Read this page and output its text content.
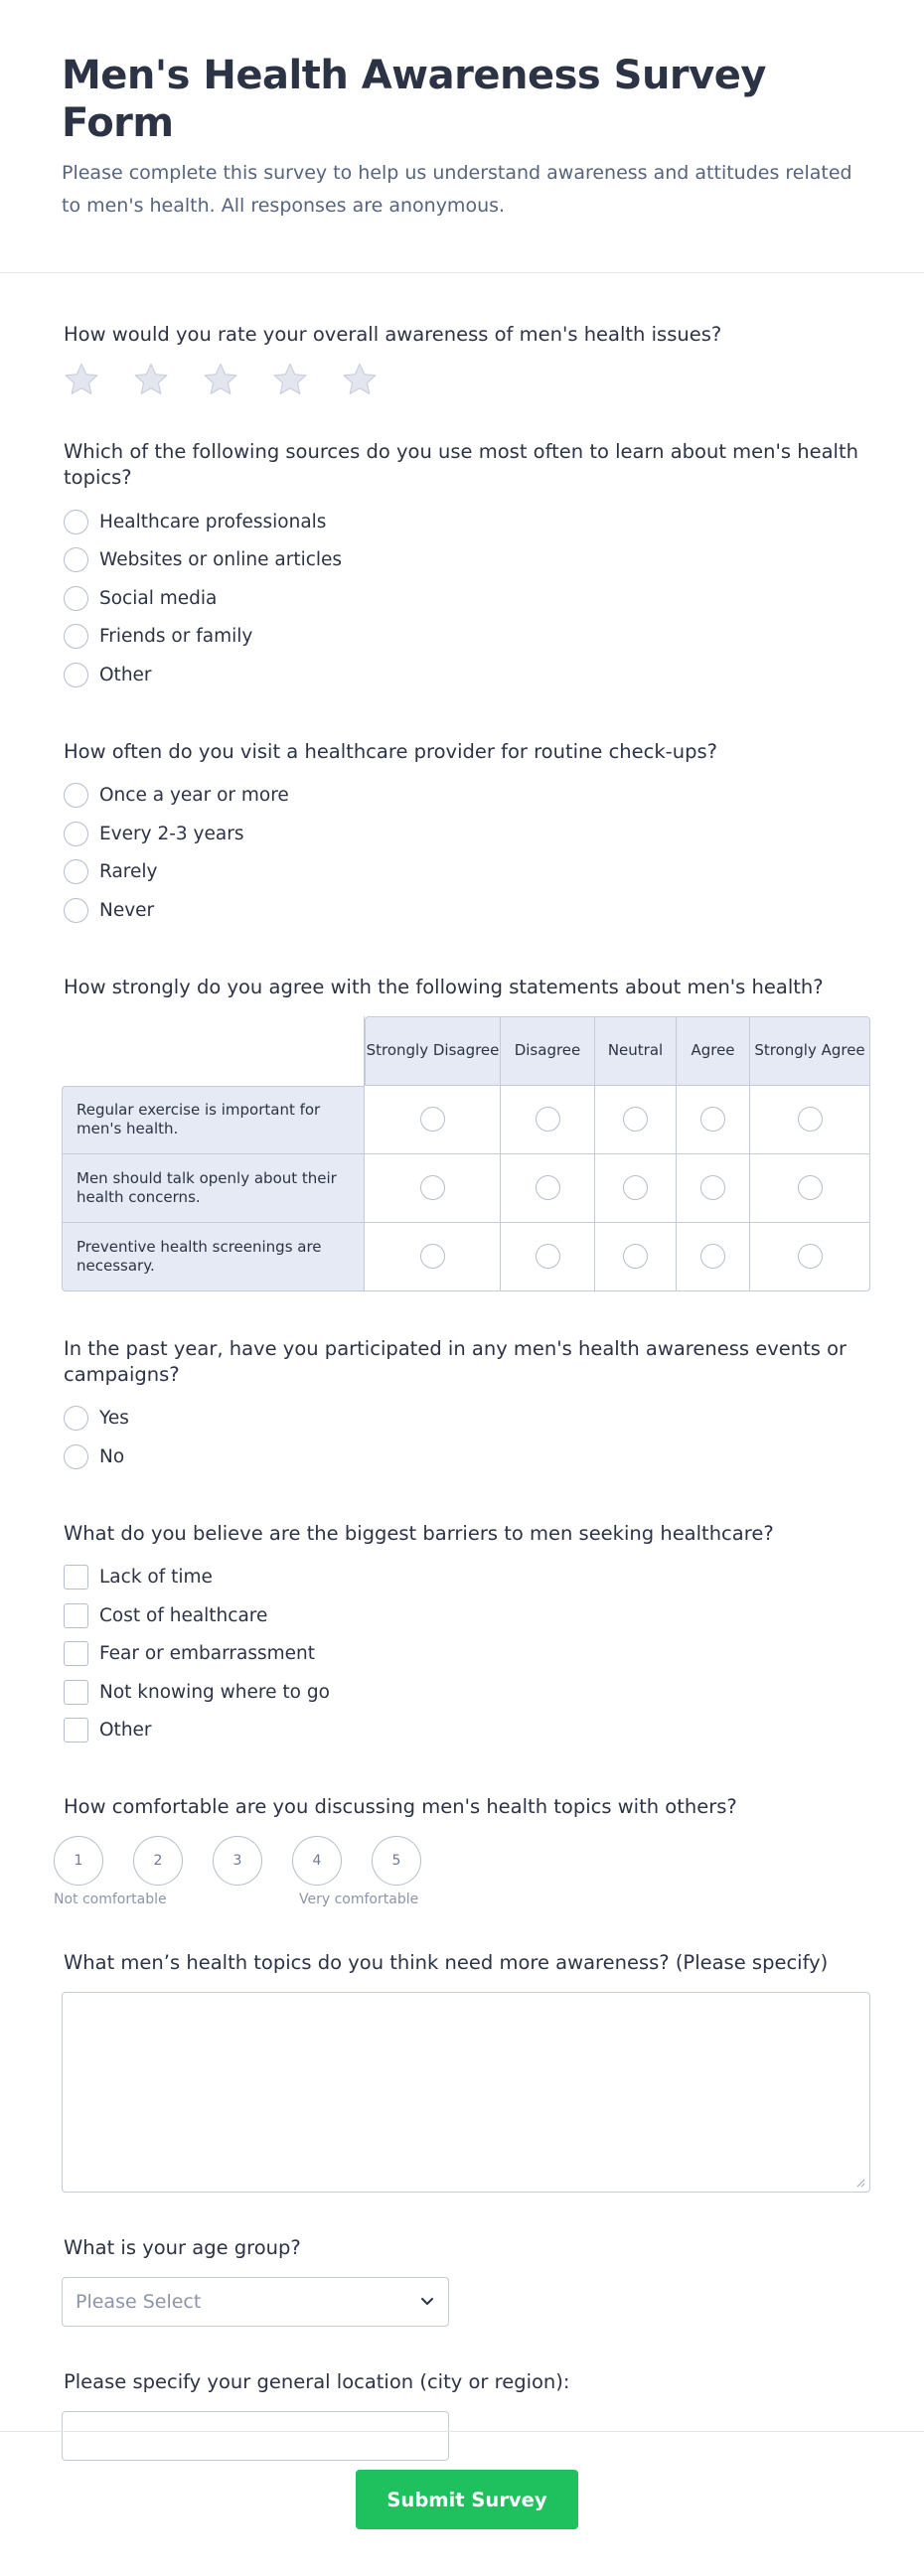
Men's Health Awareness Survey Form

Please complete this survey to help us understand awareness and attitudes related to men's health. All responses are anonymous.

How would you rate your overall awareness of men's health issues?
Which of the following sources do you use most often to learn about men's health topics?
Healthcare professionals
Websites or online articles
Social media
Friends or family
Other
How often do you visit a healthcare provider for routine check-ups?
Once a year or more
Every 2-3 years
Rarely
Never
How strongly do you agree with the following statements about men's health?
	Strongly Disagree	Disagree	Neutral	Agree	Strongly Agree
Regular exercise is important for men's health.					
Men should talk openly about their health concerns.					
Preventive health screenings are necessary.					
In the past year, have you participated in any men's health awareness events or campaigns?
Yes
No
What do you believe are the biggest barriers to men seeking healthcare?
Lack of time
Cost of healthcare
Fear or embarrassment
Not knowing where to go
Other
How comfortable are you discussing men's health topics with others?
1	2	3	4	5
Not comfortable	Very comfortable
What men’s health topics do you think need more awareness? (Please specify)
What is your age group?
Please Select
Please specify your general location (city or region):
Submit Survey
